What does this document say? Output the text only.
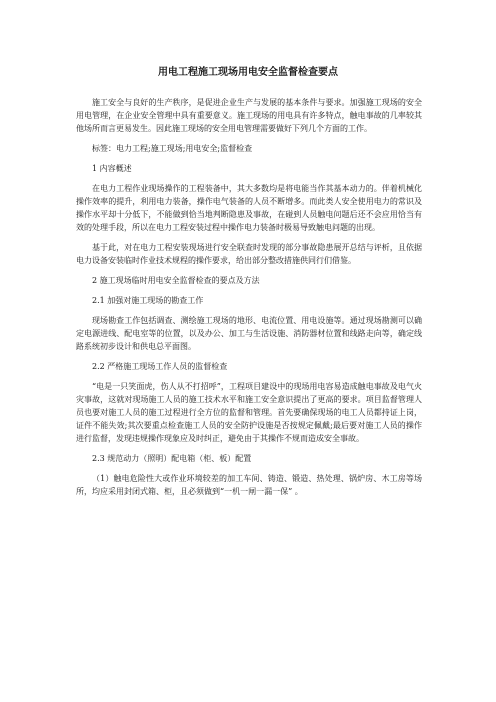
用电工程施工现场用电安全监督检查要点

施工安全与良好的生产秩序，是促进企业生产与发展的基本条件与要求。加强施工现场的安全用电管理，在企业安全管理中具有重要意义。施工现场的用电具有许多特点，触电事故的几率较其他场所而言更易发生。因此施工现场的安全用电管理需要做好下列几个方面的工作。

标签：电力工程;施工现场;用电安全;监督检查

1 内容概述

在电力工程作业现场操作的工程装备中，其大多数均是将电能当作其基本动力的。伴着机械化操作效率的提升，利用电力装备，操作电气装备的人员不断增多。而此类人安全使用电力的常识及操作水平却十分低下，不能做到恰当地判断隐患及事故，在碰到人员触电问题后还不会应用恰当有效的处理手段，所以在电力工程安装过程中操作电力装备时极易导致触电问题的出现。

基于此，对在电力工程安装现场进行安全联查时发现的部分事故隐患展开总结与评析，且依据电力设备安装临时作业技术规程的操作要求，给出部分整改措施供同行们借鉴。

2 施工现场临时用电安全监督检查的要点及方法

2.1 加强对施工现场的勘查工作

现场勘查工作包括调查、测绘施工现场的地形、电流位置、用电设施等。通过现场勘测可以确定电源进线、配电室等的位置，以及办公、加工与生活设施、消防器材位置和线路走向等，确定线路系统初步设计和供电总平面图。

2.2 严格施工现场工作人员的监督检查

“电是一只笑面虎，伤人从不打招呼”，工程项目建设中的现场用电容易造成触电事故及电气火灾事故，这就对现场施工人员的施工技术水平和施工安全意识提出了更高的要求。项目监督管理人员也要对施工人员的施工过程进行全方位的监督和管理。首先要确保现场的电工人员都持证上岗，证件不能失效;其次要重点检查施工人员的安全防护设施是否按规定佩戴;最后要对施工人员的操作进行监督，发现违规操作现象应及时纠正，避免由于其操作不规而造成安全事故。

2.3 规范动力（照明）配电箱（柜、板）配置

（1）触电危险性大或作业环境较差的加工车间、铸造、锻造、热处理、锅炉房、木工房等场所，均应采用封闭式箱、柜，且必须做到“一机一闸一漏一保” 。
